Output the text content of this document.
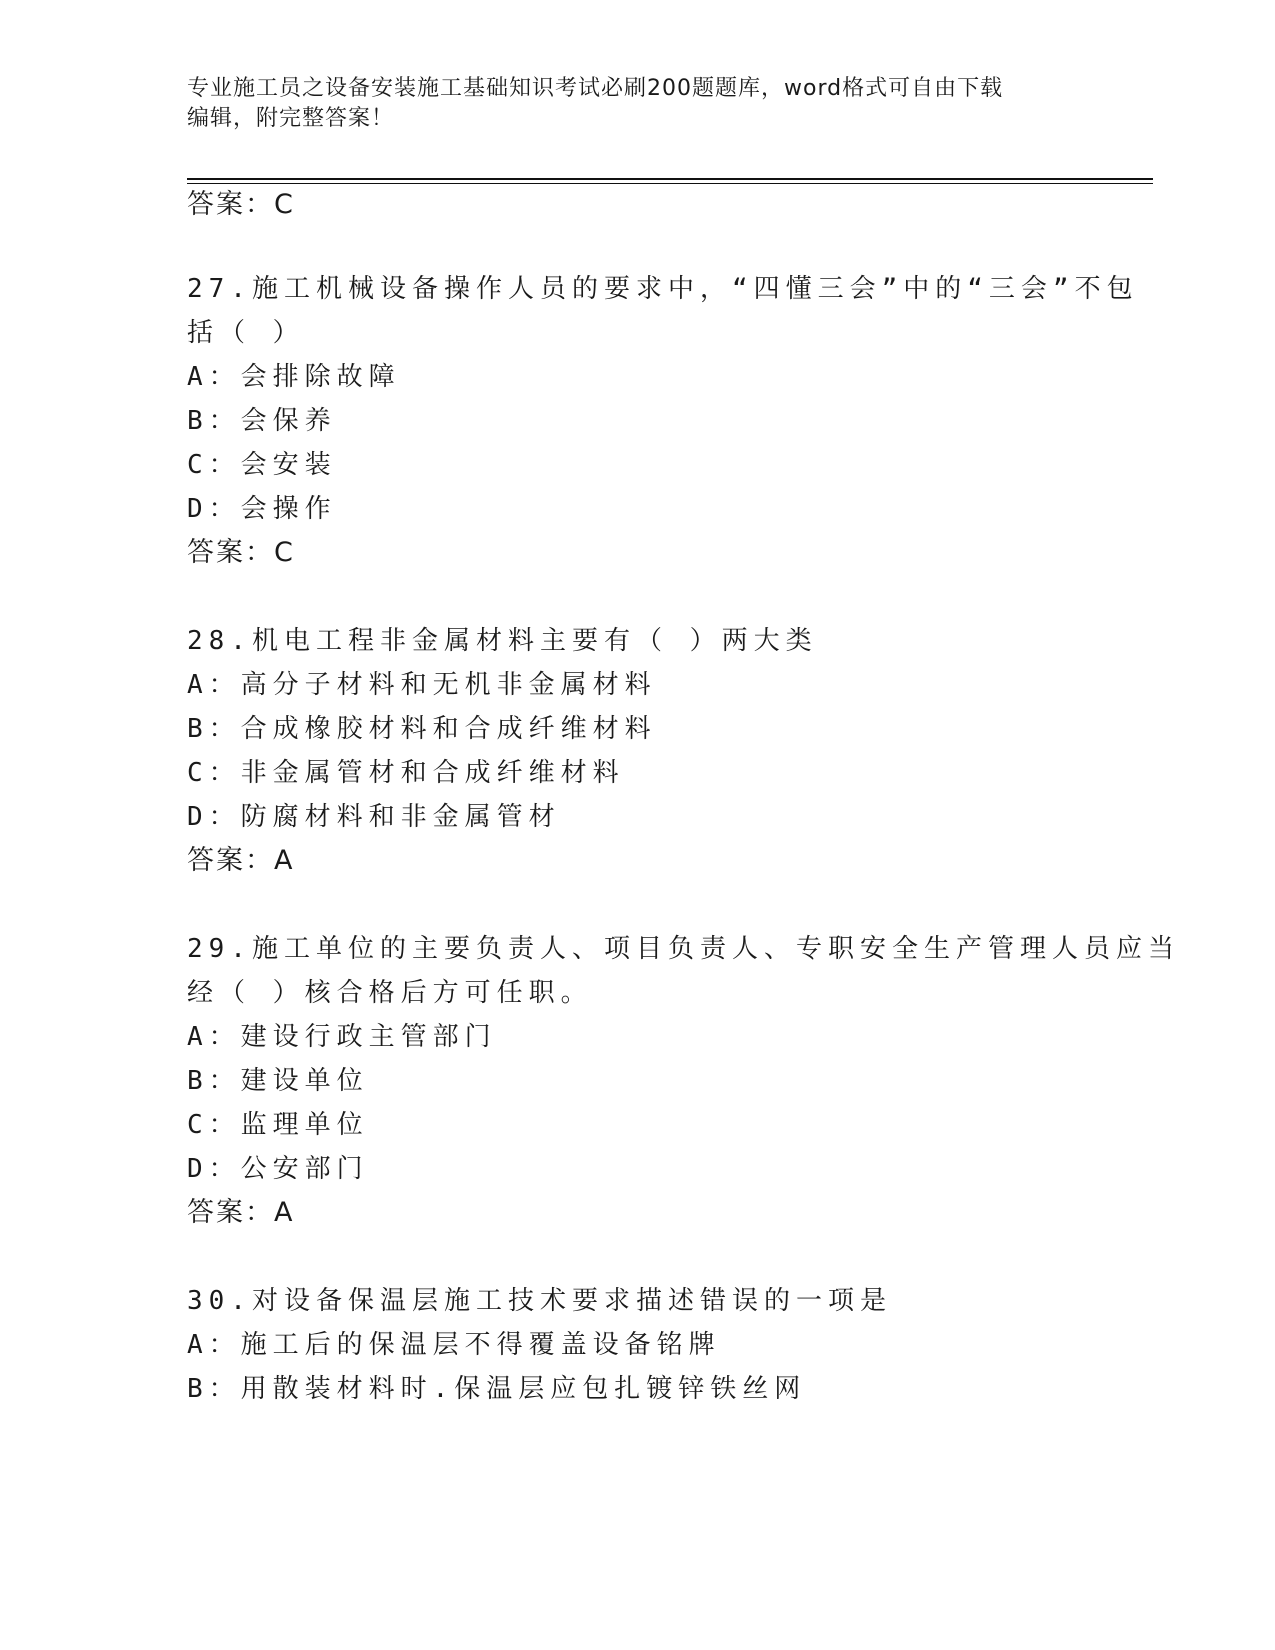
专业施工员之设备安装施工基础知识考试必刷200题题库，word格式可自由下载
编辑，附完整答案！
答案：C
27.施工机械设备操作人员的要求中，“四懂三会”中的“三会”不包
括（ ）
A：会排除故障
B：会保养
C：会安装
D：会操作
答案：C
28.机电工程非金属材料主要有（ ）两大类
A：高分子材料和无机非金属材料
B：合成橡胶材料和合成纤维材料
C：非金属管材和合成纤维材料
D：防腐材料和非金属管材
答案：A
29.施工单位的主要负责人、项目负责人、专职安全生产管理人员应当
经（ ）核合格后方可任职。
A：建设行政主管部门
B：建设单位
C：监理单位
D：公安部门
答案：A
30.对设备保温层施工技术要求描述错误的一项是
A：施工后的保温层不得覆盖设备铭牌
B：用散装材料时.保温层应包扎镀锌铁丝网
